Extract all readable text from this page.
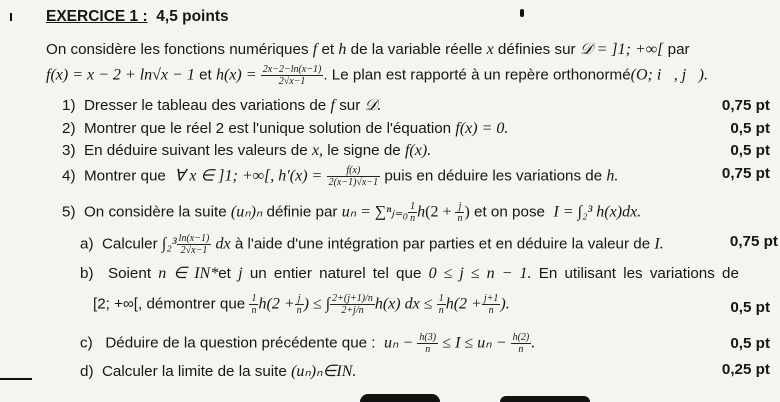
EXERCICE 1 : 4,5 points
On considère les fonctions numériques f et h de la variable réelle x définies sur 𝒟 = ]1; +∞[ par
f(x) = x − 2 + ln√x − 1 et $h(x) = \frac{2x-2-\ln(x-1)}{2√x-1}$ . Le plan est rapporté à un repère orthonormé(O; i⃗, j⃗).
1) Dresser le tableau des variations de f sur 𝒟.	0,75 pt
2) Montrer que le réel 2 est l'unique solution de l'équation f(x) = 0.	0,5 pt
3) En déduire suivant les valeurs de x, le signe de f(x).	0,5 pt
4) Montrer que ∀ x ∈ ]1; +∞[, $h'(x) = \frac{f(x)}{2(x-1)√x-1}$ puis en déduire les variations de h.	0,75 pt
5) On considère la suite (uₙ)ₙ définie par uₙ = ∑ⁿⱼ₌₀ $\frac{1}{n} h(2 + \frac{j}{n}$ ) et on pose I = ∫₂³ h(x)dx.
a) Calculer $\int_2^3 \frac{\ln(x-1)}{2√x-1}$ dx à l'aide d'une intégration par parties et en déduire la valeur de I.	0,75 pt
b) Soient n ∈ IN*et j un entier naturel tel que 0 ≤ j ≤ n − 1. En utilisant les variations de
[2; +∞[, démontrer que $\frac{1}{n} h(2 + \frac{j}{n}$ ) ≤ ∫ $\frac{2+(j+1)/n}{2+j/n} h(x)$ dx ≤ $\frac{1}{n} h(2 + \frac{j+1}{n}$ ).	0,5 pt
c) Déduire de la question précédente que : $u_n - \frac{h(3)}{n} \le I \le u_n - \frac{h(2)}{n}$ .	0,5 pt
d) Calculer la limite de la suite (uₙ)ₙ∈IN.	0,25 pt
